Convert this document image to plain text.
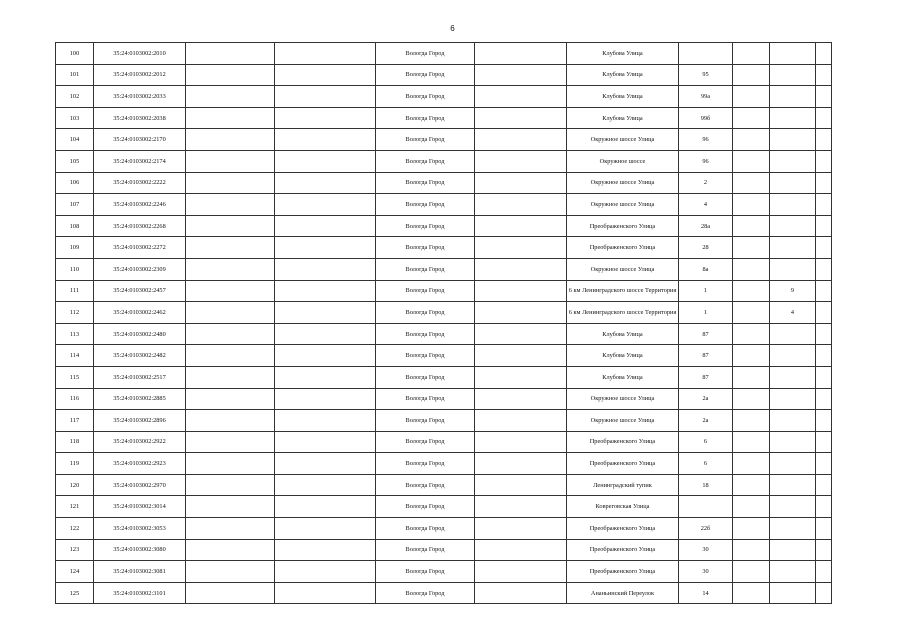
6
100	35:24:0103002:2010			Вологда Город		Клубова Улица				
101	35:24:0103002:2012			Вологда Город		Клубова Улица	95			
102	35:24:0103002:2033			Вологда Город		Клубова Улица	99а			
103	35:24:0103002:2038			Вологда Город		Клубова Улица	99б			
104	35:24:0103002:2170			Вологда Город		Окружное шоссе Улица	96			
105	35:24:0103002:2174			Вологда Город		Окружное шоссе	96			
106	35:24:0103002:2222			Вологда Город		Окружное шоссе Улица	2			
107	35:24:0103002:2246			Вологда Город		Окружное шоссе Улица	4			
108	35:24:0103002:2268			Вологда Город		Преображенского Улица	28а			
109	35:24:0103002:2272			Вологда Город		Преображенского Улица	28			
110	35:24:0103002:2309			Вологда Город		Окружное шоссе Улица	8а			
111	35:24:0103002:2457			Вологда Город		6 км Ленинградского шоссе Территория	1		9	
112	35:24:0103002:2462			Вологда Город		6 км Ленинградского шоссе Территория	1		4	
113	35:24:0103002:2480			Вологда Город		Клубова Улица	87			
114	35:24:0103002:2482			Вологда Город		Клубова Улица	87			
115	35:24:0103002:2517			Вологда Город		Клубова Улица	87			
116	35:24:0103002:2885			Вологда Город		Окружное шоссе Улица	2а			
117	35:24:0103002:2896			Вологда Город		Окружное шоссе Улица	2а			
118	35:24:0103002:2922			Вологда Город		Преображенского Улица	6			
119	35:24:0103002:2923			Вологда Город		Преображенского Улица	6			
120	35:24:0103002:2970			Вологда Город		Ленинградский тупик	18			
121	35:24:0103002:3014			Вологда Город		Ковреговская Улица				
122	35:24:0103002:3053			Вологда Город		Преображенского Улица	22б			
123	35:24:0103002:3080			Вологда Город		Преображенского Улица	30			
124	35:24:0103002:3081			Вологда Город		Преображенского Улица	30			
125	35:24:0103002:3101			Вологда Город		Ананьинский Переулок	14			
